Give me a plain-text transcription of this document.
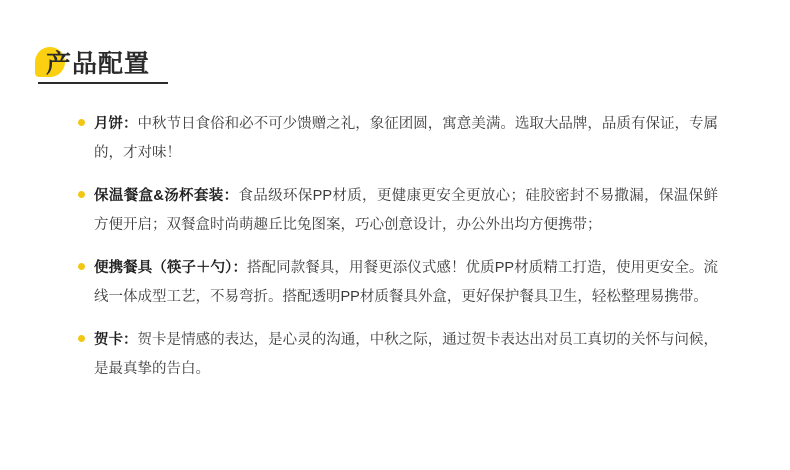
产品配置
月饼：中秋节日食俗和必不可少馈赠之礼，象征团圆，寓意美满。选取大品牌，品质有保证，专属的，才对味！
保温餐盒&汤杯套装：食品级环保PP材质，更健康更安全更放心；硅胶密封不易撒漏，保温保鲜方便开启；双餐盒时尚萌趣丘比兔图案，巧心创意设计，办公外出均方便携带；
便携餐具（筷子＋勺）：搭配同款餐具，用餐更添仪式感！优质PP材质精工打造，使用更安全。流线一体成型工艺，不易弯折。搭配透明PP材质餐具外盒，更好保护餐具卫生，轻松整理易携带。
贺卡：贺卡是情感的表达，是心灵的沟通，中秋之际，通过贺卡表达出对员工真切的关怀与问候，是最真挚的告白。
